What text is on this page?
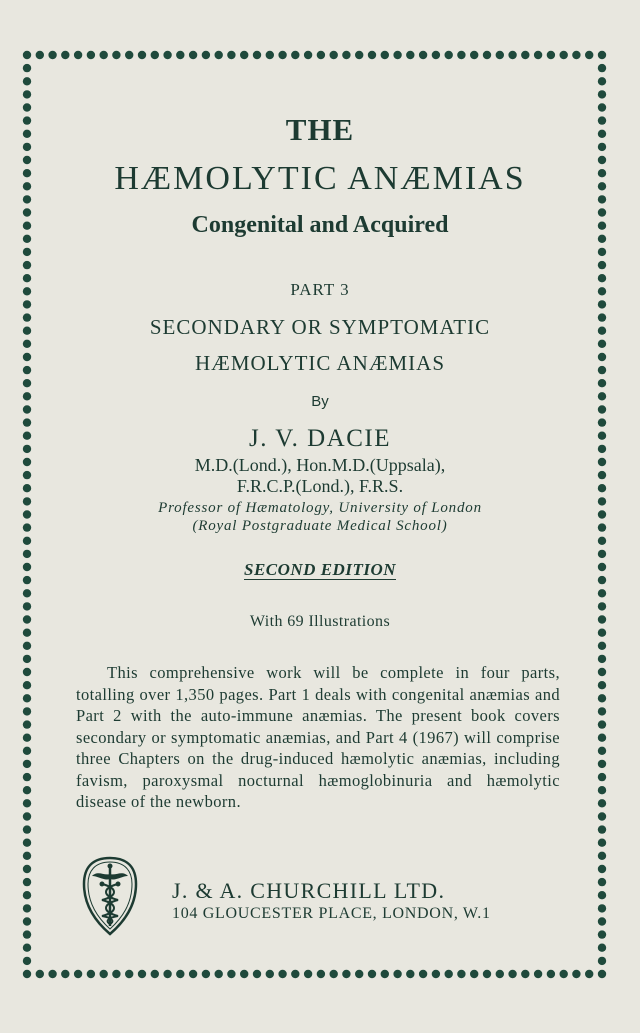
THE
HÆMOLYTIC ANÆMIAS
Congenital and Acquired
PART 3
SECONDARY OR SYMPTOMATIC
HÆMOLYTIC ANÆMIAS
By
J. V. DACIE
M.D.(Lond.), Hon.M.D.(Uppsala),
F.R.C.P.(Lond.), F.R.S.
Professor of Hæmatology, University of London
(Royal Postgraduate Medical School)
SECOND EDITION
With 69 Illustrations
This comprehensive work will be complete in four parts, totalling over 1,350 pages. Part 1 deals with congenital anæmias and Part 2 with the auto-immune anæmias. The present book covers secondary or symptomatic anæmias, and Part 4 (1967) will comprise three Chapters on the drug-induced hæmolytic anæmias, including favism, paroxysmal nocturnal hæmoglobinuria and hæmolytic disease of the newborn.
J. & A. CHURCHILL LTD.
104 GLOUCESTER PLACE, LONDON, W.1
